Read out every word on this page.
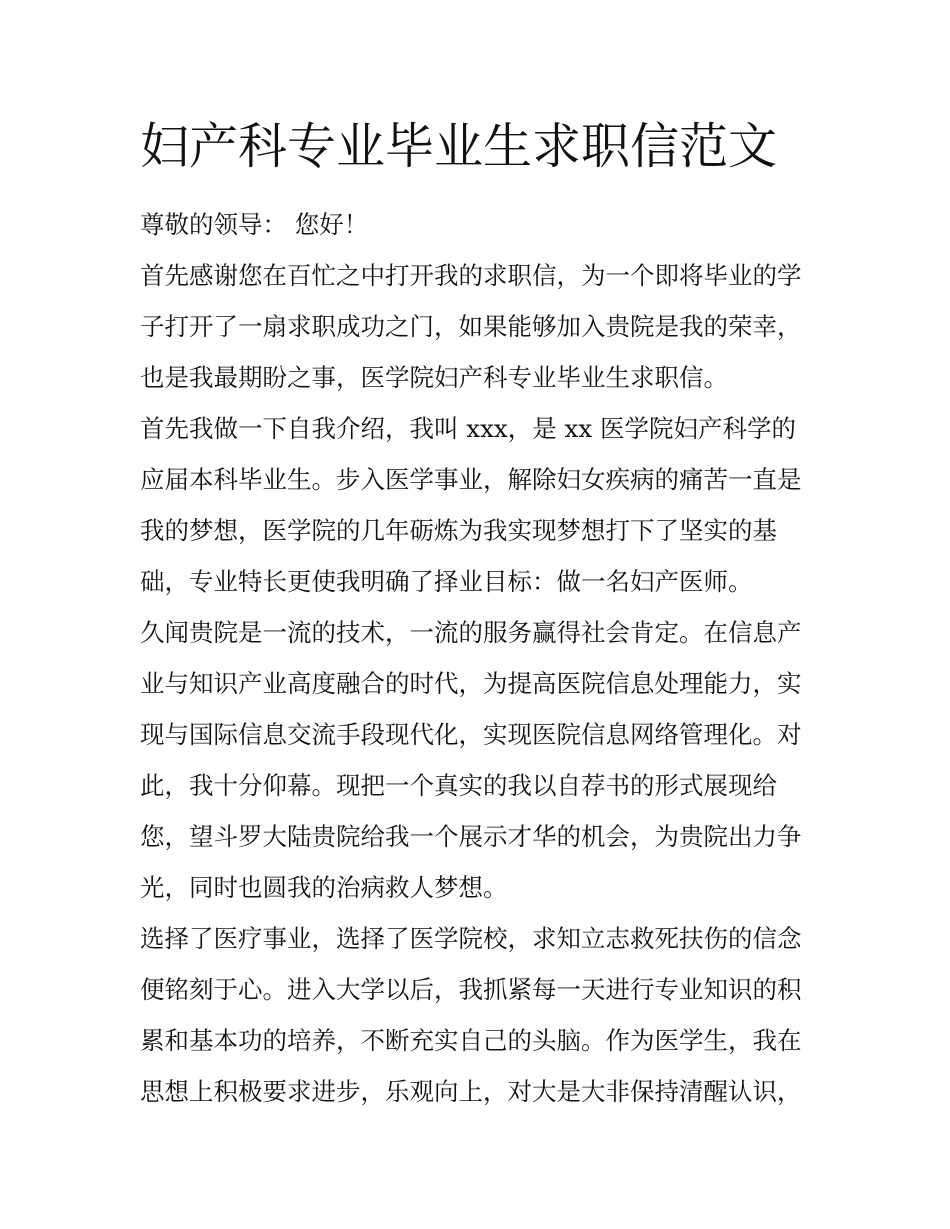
妇产科专业毕业生求职信范文
尊敬的领导： 您好！
首先感谢您在百忙之中打开我的求职信，为一个即将毕业的学
子打开了一扇求职成功之门，如果能够加入贵院是我的荣幸，
也是我最期盼之事，医学院妇产科专业毕业生求职信。
首先我做一下自我介绍，我叫 xxx，是 xx 医学院妇产科学的
应届本科毕业生。步入医学事业，解除妇女疾病的痛苦一直是
我的梦想，医学院的几年砺炼为我实现梦想打下了坚实的基
础，专业特长更使我明确了择业目标：做一名妇产医师。
久闻贵院是一流的技术，一流的服务赢得社会肯定。在信息产
业与知识产业高度融合的时代，为提高医院信息处理能力，实
现与国际信息交流手段现代化，实现医院信息网络管理化。对
此，我十分仰幕。现把一个真实的我以自荐书的形式展现给
您，望斗罗大陆贵院给我一个展示才华的机会，为贵院出力争
光，同时也圆我的治病救人梦想。
选择了医疗事业，选择了医学院校，求知立志救死扶伤的信念
便铭刻于心。进入大学以后，我抓紧每一天进行专业知识的积
累和基本功的培养，不断充实自己的头脑。作为医学生，我在
思想上积极要求进步，乐观向上，对大是大非保持清醒认识，
